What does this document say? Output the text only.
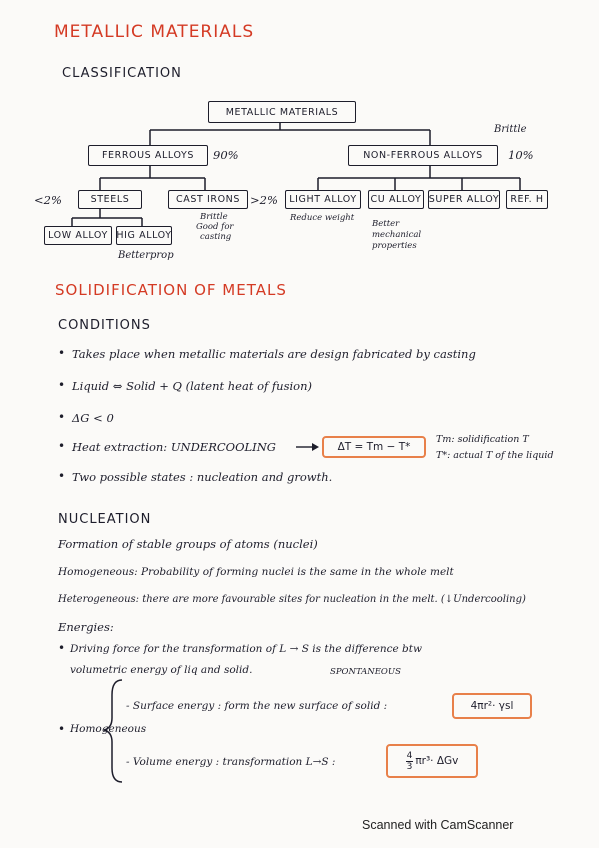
METALLIC MATERIALS
CLASSIFICATION
METALLIC MATERIALS
Brittle
FERROUS ALLOYS	90%	NON-FERROUS ALLOYS	10%
<2%	STEELS	CAST IRONS >2%
Brittle
Good for
casting
LIGHT ALLOY
Reduce weight
CU ALLOY
Better
mechanical
properties
SUPER ALLOY	REF. H
LOW ALLOY HIG ALLOY
Betterprop
SOLIDIFICATION OF METALS
CONDITIONS
• Takes place when metallic materials are design fabricated by casting
• Liquid ⇔ Solid + Q (latent heat of fusion)
• ΔG < 0
• Heat extraction: UNDERCOOLING	ΔT = Tm − T*
Tm: solidification T
T*: actual T of the liquid
• Two possible states : nucleation and growth.
NUCLEATION
Formation of stable groups of atoms (nuclei)
Homogeneous: Probability of forming nuclei is the same in the whole melt
Heterogeneous: there are more favourable sites for nucleation in the melt. (↓Undercooling)
Energies:
• Driving force for the transformation of L → S is the difference btw
volumetric energy of liq and solid.	SPONTANEOUS
• Homogeneous
- Surface energy : form the new surface of solid :	4πr²· γsl
- Volume energy : transformation L→S :	$\frac{4}{3} \pi r^3\cdot \Delta Gv$
Scanned with CamScanner
